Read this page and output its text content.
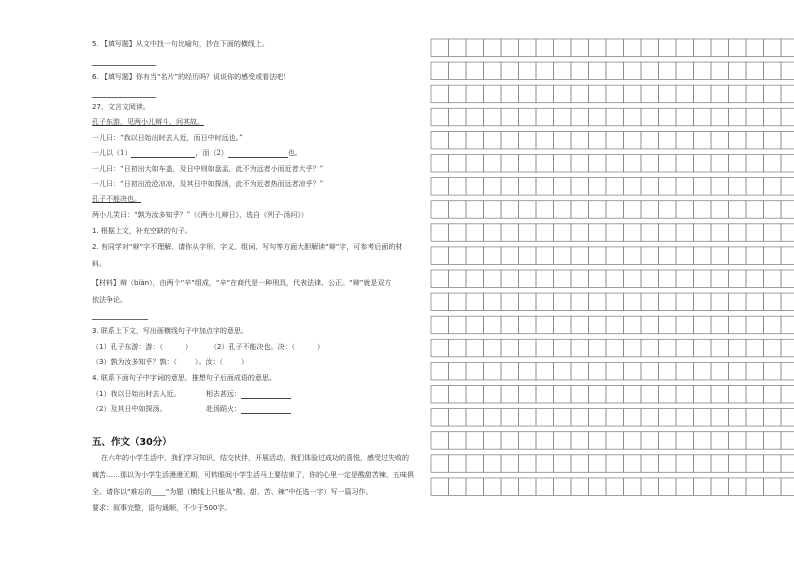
5. 【填写题】从文中找一句比喻句，抄在下面的横线上。
6. 【填写题】你有当“名片”的经历吗？说说你的感受或看法吧！
27、文言文阅读。
孔子东游，见两小儿辩斗，问其故。
一儿曰：“我以日始出时去人近，而日中时远也。”
一儿以（1）	，而（2）	也。
一儿曰：“日初出大如车盖，及日中则如盘盂，此不为远者小而近者大乎？”
一儿曰：“日初出沧沧凉凉，及其日中如探汤，此不为近者热而远者凉乎？”
孔子不能决也。
两小儿笑曰：“孰为汝多知乎？”（《两小儿辩日》，选自《列子·汤问》）
1. 根据上文，补充空缺的句子。
2. 有同学对“辩”字不理解，请你从字形、字义、组词、写句等方面大胆解读“辩”字，可参考后面的材
料。
【材料】辩（biàn），由两个“辛”组成，“辛”在商代是一种刑具，代表法律、公正。“辩”就是双方
依法争论。
3. 联系上下文，写出画横线句子中加点字的意思。
（1）孔子东游：游：（	）	（2）孔子不能决也。决：（	）
（3）孰为汝多知乎？孰：（	）。汝：（	）
4. 联系下面句子中字词的意思，推想句子后面成语的意思。
（1）我以日始出时去人近。	相去甚远：
（2）及其日中如探汤。	赴汤蹈火：
五、作文（30分）
在六年的小学生活中，我们学习知识，结交伙伴，开展活动，我们体验过成功的喜悦，感受过失败的
痛苦……那以为小学生活漫漫无期，可转眼间小学生活马上要结束了，你的心里一定是酸甜苦辣，五味俱
全。请你以“难忘的____”为题（横线上只能从“酸、甜、苦、辣”中任选一字）写一篇习作。
要求：叙事完整，语句通顺，不少于500字。
